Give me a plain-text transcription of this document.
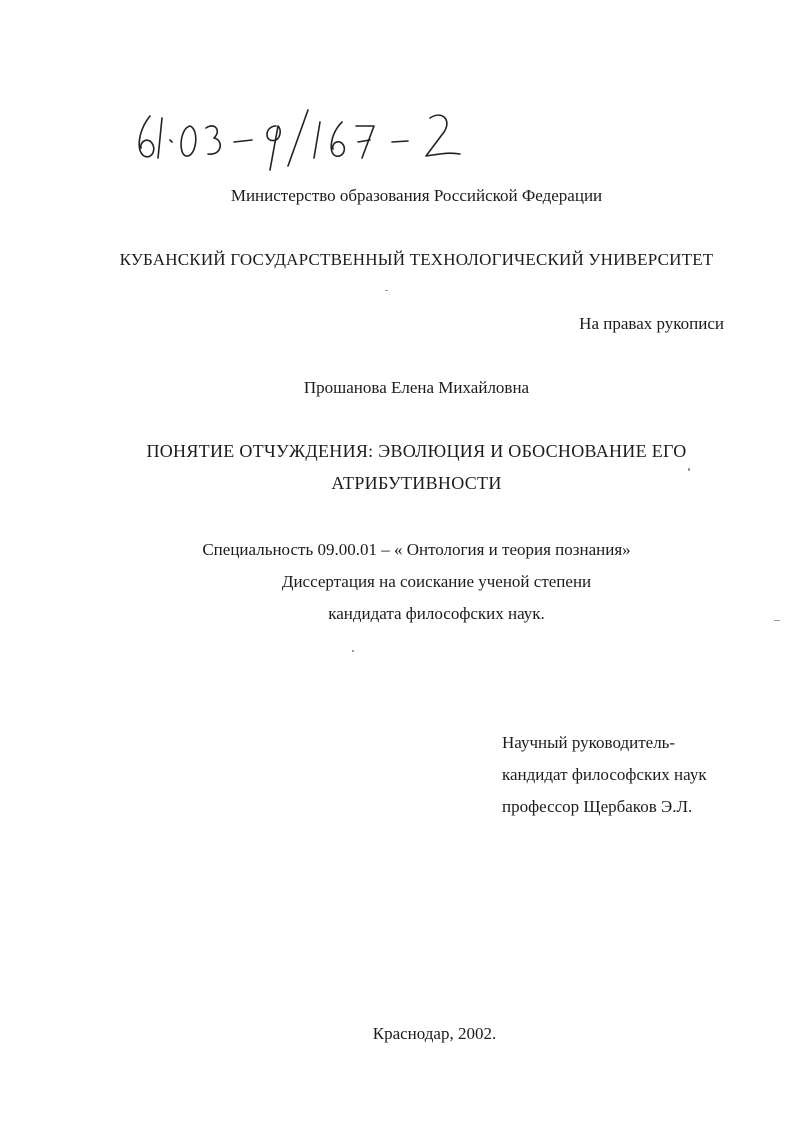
Министерство образования Российской Федерации
КУБАНСКИЙ ГОСУДАРСТВЕННЫЙ ТЕХНОЛОГИЧЕСКИЙ УНИВЕРСИТЕТ
На правах рукописи
Прошанова Елена Михайловна
ПОНЯТИЕ ОТЧУЖДЕНИЯ: ЭВОЛЮЦИЯ И ОБОСНОВАНИЕ ЕГО
АТРИБУТИВНОСТИ
Специальность 09.00.01 – « Онтология и теория познания»
Диссертация на соискание ученой степени
кандидата философских наук.
Научный руководитель-
кандидат философских наук
профессор Щербаков Э.Л.
Краснодар, 2002.
